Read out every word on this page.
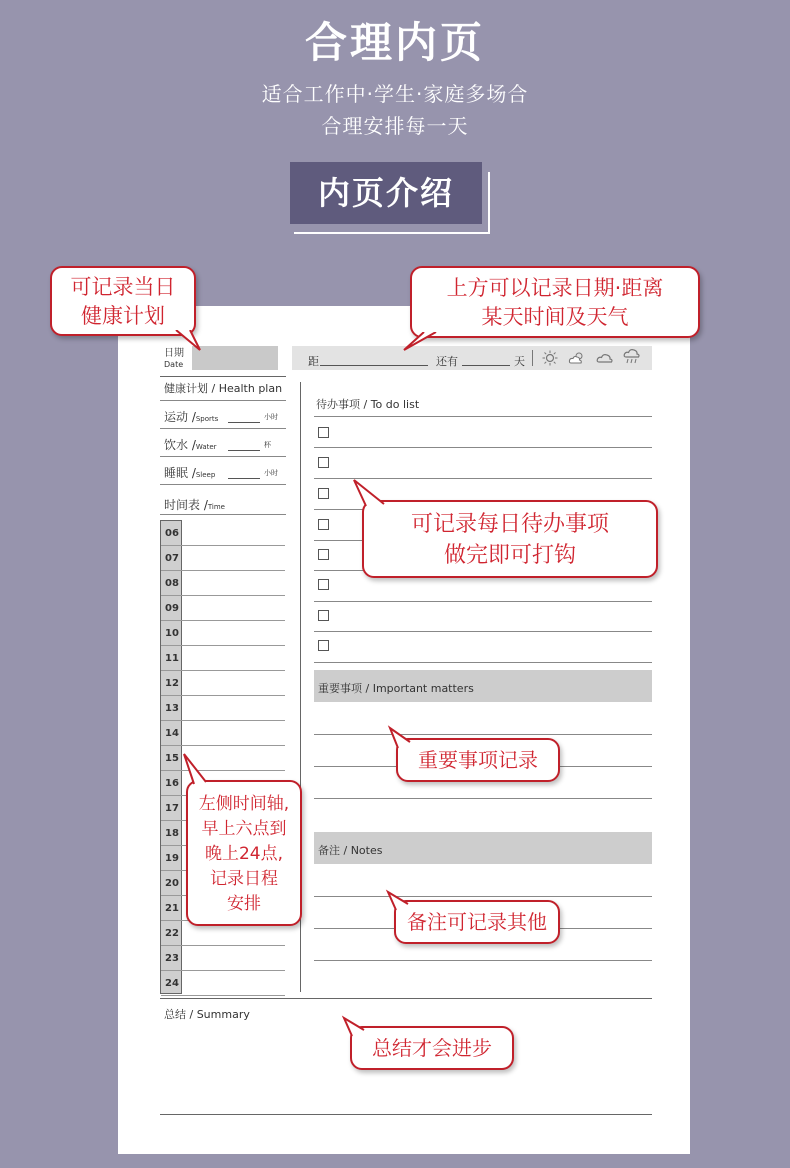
合理内页
适合工作中·学生·家庭多场合
合理安排每一天
内页介绍
日期
Date	距	还有	天
健康计划 / Health plan
运动 /Sports	小时
饮水 /Water	杯
睡眠 /Sleep	小时
时间表 /Time
06
07
08
09
10
11
12
13
14
15
16
17
18
19
20
21
22
23
24
待办事项 / To do list
重要事项 / Important matters
备注 / Notes
总结 / Summary
可记录当日
健康计划
上方可以记录日期·距离
某天时间及天气
可记录每日待办事项
做完即可打钩
重要事项记录
左侧时间轴,
早上六点到
晚上24点,
记录日程
安排
备注可记录其他
总结才会进步
